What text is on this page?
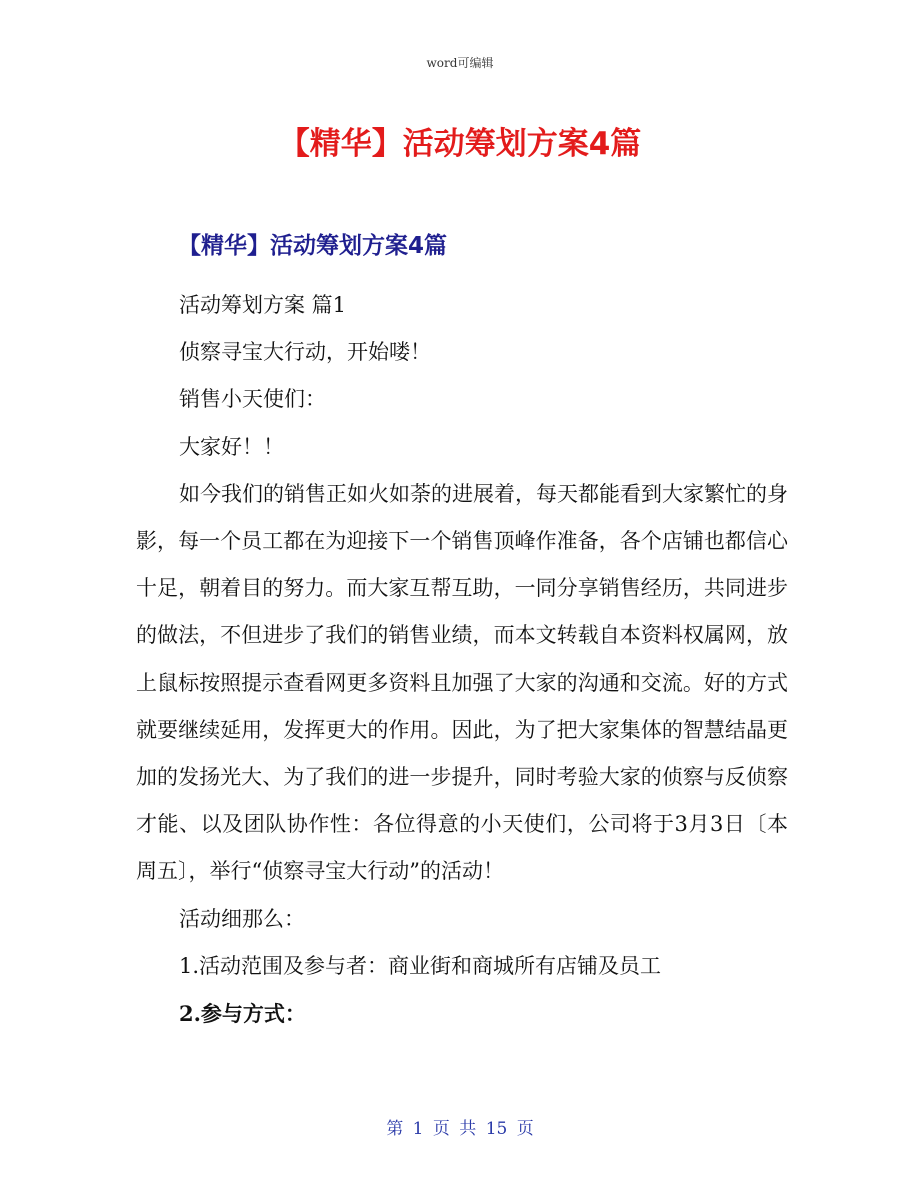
word可编辑
【精华】活动筹划方案4篇
【精华】活动筹划方案4篇

活动筹划方案 篇1

侦察寻宝大行动，开始喽！

销售小天使们：

大家好！！

如今我们的销售正如火如荼的进展着，每天都能看到大家繁忙的身影，每一个员工都在为迎接下一个销售顶峰作准备，各个店铺也都信心十足，朝着目的努力。而大家互帮互助，一同分享销售经历，共同进步的做法，不但进步了我们的销售业绩，而本文转载自本资料权属网，放上鼠标按照提示查看网更多资料且加强了大家的沟通和交流。好的方式就要继续延用，发挥更大的作用。因此，为了把大家集体的智慧结晶更加的发扬光大、为了我们的进一步提升，同时考验大家的侦察与反侦察才能、以及团队协作性：各位得意的小天使们，公司将于3月3日〔本周五〕，举行“侦察寻宝大行动”的活动！

活动细那么：

1.活动范围及参与者：商业街和商城所有店铺及员工

2.参与方式：

第 1 页 共 15 页
